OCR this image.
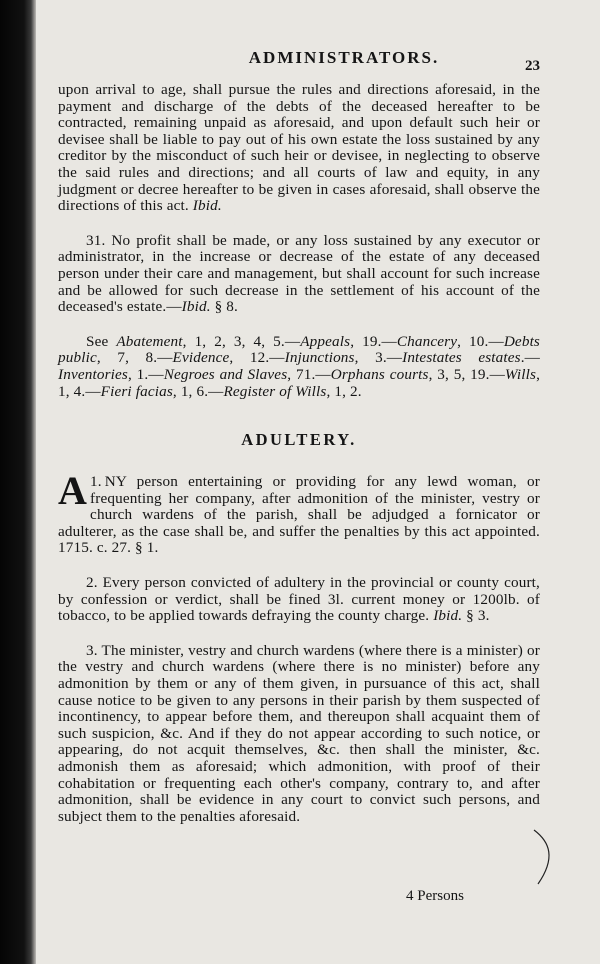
ADMINISTRATORS.	23

upon arrival to age, shall pursue the rules and directions aforesaid, in the payment and discharge of the debts of the deceased hereafter to be contracted, remaining unpaid as aforesaid, and upon default such heir or devisee shall be liable to pay out of his own estate the loss sustained by any creditor by the misconduct of such heir or devisee, in neglecting to observe the said rules and directions; and all courts of law and equity, in any judgment or decree hereafter to be given in cases aforesaid, shall observe the directions of this act. Ibid.

31. No profit shall be made, or any loss sustained by any executor or administrator, in the increase or decrease of the estate of any deceased person under their care and management, but shall account for such increase and be allowed for such decrease in the settlement of his account of the deceased's estate.—Ibid. § 8.

See Abatement, 1, 2, 3, 4, 5.—Appeals, 19.—Chancery, 10.—Debts public, 7, 8.—Evidence, 12.—Injunctions, 3.—Intestates estates.—Inventories, 1.—Negroes and Slaves, 71.—Orphans courts, 3, 5, 19.—Wills, 1, 4.—Fieri facias, 1, 6.—Register of Wills, 1, 2.

ADULTERY.

1.
A NY person entertaining or providing for any lewd woman, or frequenting her company, after admonition of the minister, vestry or church wardens of the parish, shall be adjudged a fornicator or adulterer, as the case shall be, and suffer the penalties by this act appointed. 1715. c. 27. § 1.

2. Every person convicted of adultery in the provincial or county court, by confession or verdict, shall be fined 3l. current money or 1200lb. of tobacco, to be applied towards defraying the county charge. Ibid. § 3.

3. The minister, vestry and church wardens (where there is a minister) or the vestry and church wardens (where there is no minister) before any admonition by them or any of them given, in pursuance of this act, shall cause notice to be given to any persons in their parish by them suspected of incontinency, to appear before them, and thereupon shall acquaint them of such suspicion, &c. And if they do not appear according to such notice, or appearing, do not acquit themselves, &c. then shall the minister, &c. admonish them as aforesaid; which admonition, with proof of their cohabitation or frequenting each other's company, contrary to, and after admonition, shall be evidence in any court to convict such persons, and subject them to the penalties aforesaid.

4 Persons
